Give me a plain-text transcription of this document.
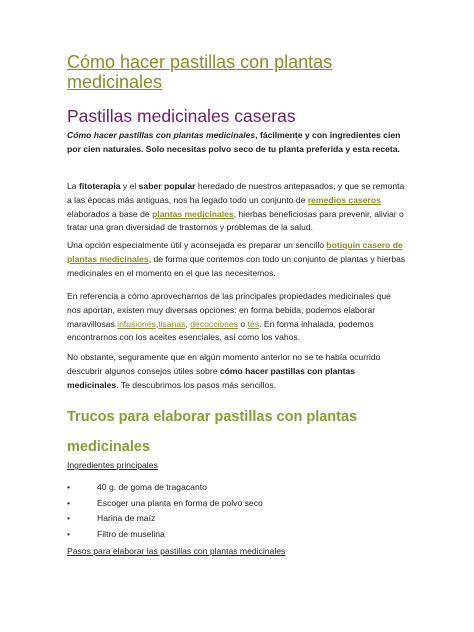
Cómo hacer pastillas con plantas medicinales
Pastillas medicinales caseras
Cómo hacer pastillas con plantas medicinales, fácilmente y con ingredientes cien por cien naturales. Solo necesitas polvo seco de tu planta preferida y esta receta.
La fitoterapia y el saber popular heredado de nuestros antepasados, y que se remonta a las épocas más antiguas, nos ha legado todo un conjunto de remedios caseros elaborados a base de plantas medicinales, hierbas beneficiosas para prevenir, aliviar o tratar una gran diversidad de trastornos y problemas de la salud.
Una opción especialmente útil y aconsejada es preparar un sencillo botiquín casero de plantas medicinales, de forma que contemos con todo un conjunto de plantas y hierbas medicinales en el momento en el que las necesitemos.
En referencia a cómo aprovecharnos de las principales propiedades medicinales que nos aportan, existen muy diversas opciones: en forma bebida, podemos elaborar maravillosas infusiones,tisanas, decocciones o tés. En forma inhalada, podemos encontrarnos con los aceites esenciales, así como los vahos.
No obstante, seguramente que en algún momento anterior no se te había ocurrido descubrir algunos consejos útiles sobre cómo hacer pastillas con plantas medicinales. Te descubrimos los pasos más sencillos.
Trucos para elaborar pastillas con plantas medicinales
Ingredientes principales
•	40 g. de goma de tragacanto
•	Escoger una planta en forma de polvo seco
•	Harina de maíz
•	Filtro de muselina
Pasos para elaborar las pastillas con plantas medicinales
